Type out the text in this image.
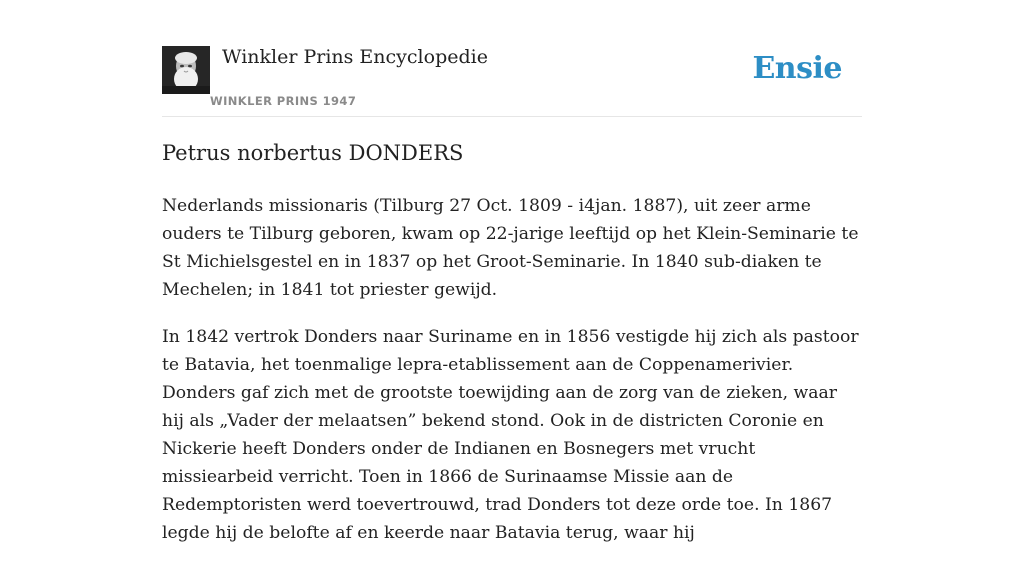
Winkler Prins Encyclopedie
WINKLER PRINS 1947
Ensie
Petrus norbertus DONDERS

Nederlands missionaris (Tilburg 27 Oct. 1809 - i4jan. 1887), uit zeer arme ouders te Tilburg geboren, kwam op 22-jarige leeftijd op het Klein-Seminarie te St Michielsgestel en in 1837 op het Groot-Seminarie. In 1840 sub-diaken te Mechelen; in 1841 tot priester gewijd.

In 1842 vertrok Donders naar Suriname en in 1856 vestigde hij zich als pastoor te Batavia, het toenmalige lepra-etablissement aan de Coppenamerivier. Donders gaf zich met de grootste toewijding aan de zorg van de zieken, waar hij als „Vader der melaatsen” bekend stond. Ook in de districten Coronie en Nickerie heeft Donders onder de Indianen en Bosnegers met vrucht missiearbeid verricht. Toen in 1866 de Surinaamse Missie aan de Redemptoristen werd toevertrouwd, trad Donders tot deze orde toe. In 1867 legde hij de belofte af en keerde naar Batavia terug, waar hij
